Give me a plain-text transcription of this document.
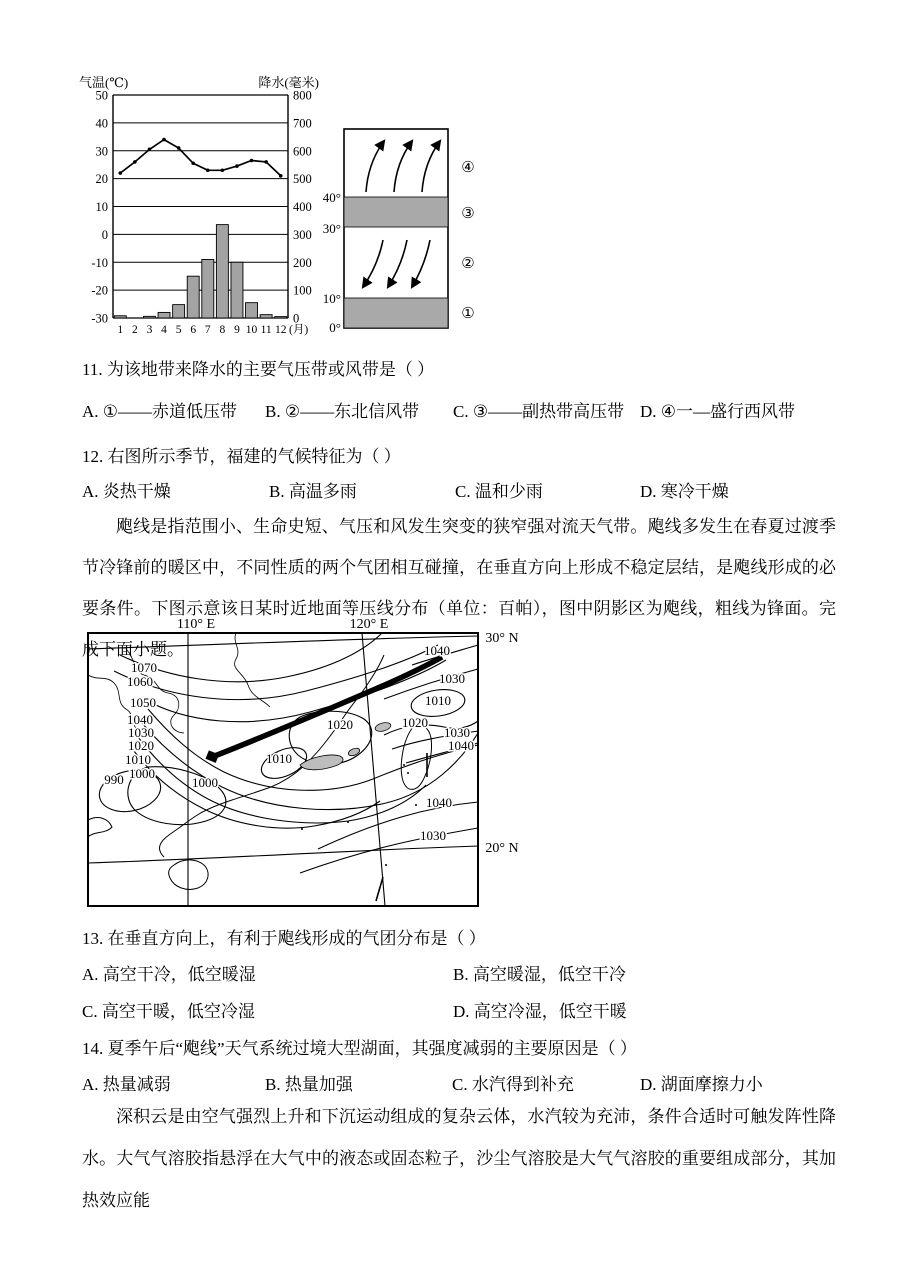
气温(℃)	降水(毫米)
50
40
30
20
10
0
-10
-20
-30
800
700
600
500
400
300
200
100
0
1 2 3 4 5 6 7 8 9 10 11 12 (月)
40°
30°
10°
0°
④
③
②
①
11. 为该地带来降水的主要气压带或风带是（ ）
A. ①——赤道低压带 B. ②——东北信风带 C. ③——副热带高压带 D. ④一—盛行西风带
12. 右图所示季节，福建的气候特征为（ ）
A. 炎热干燥	B. 高温多雨	C. 温和少雨	D. 寒冷干燥
飑线是指范围小、生命史短、气压和风发生突变的狭窄强对流天气带。飑线多发生在春夏过渡季节冷锋前的暖区中，不同性质的两个气团相互碰撞，在垂直方向上形成不稳定层结，是飑线形成的必要条件。下图示意该日某时近地面等压线分布（单位：百帕），图中阴影区为飑线，粗线为锋面。完成下面小题。
110° E	120° E
30° N
20° N
1070
1060
1050
1040
1030
1020
1010
1000
990	1000
1010
1020	1020
1010
1030
1040
1030
1040
1040
1030
13. 在垂直方向上，有利于飑线形成的气团分布是（ ）
A. 高空干冷，低空暖湿	B. 高空暖湿，低空干冷
C. 高空干暖，低空冷湿	D. 高空冷湿，低空干暖
14. 夏季午后“飑线”天气系统过境大型湖面，其强度减弱的主要原因是（ ）
A. 热量减弱	B. 热量加强	C. 水汽得到补充	D. 湖面摩擦力小
深积云是由空气强烈上升和下沉运动组成的复杂云体，水汽较为充沛，条件合适时可触发阵性降水。大气气溶胶指悬浮在大气中的液态或固态粒子，沙尘气溶胶是大气气溶胶的重要组成部分，其加热效应能
